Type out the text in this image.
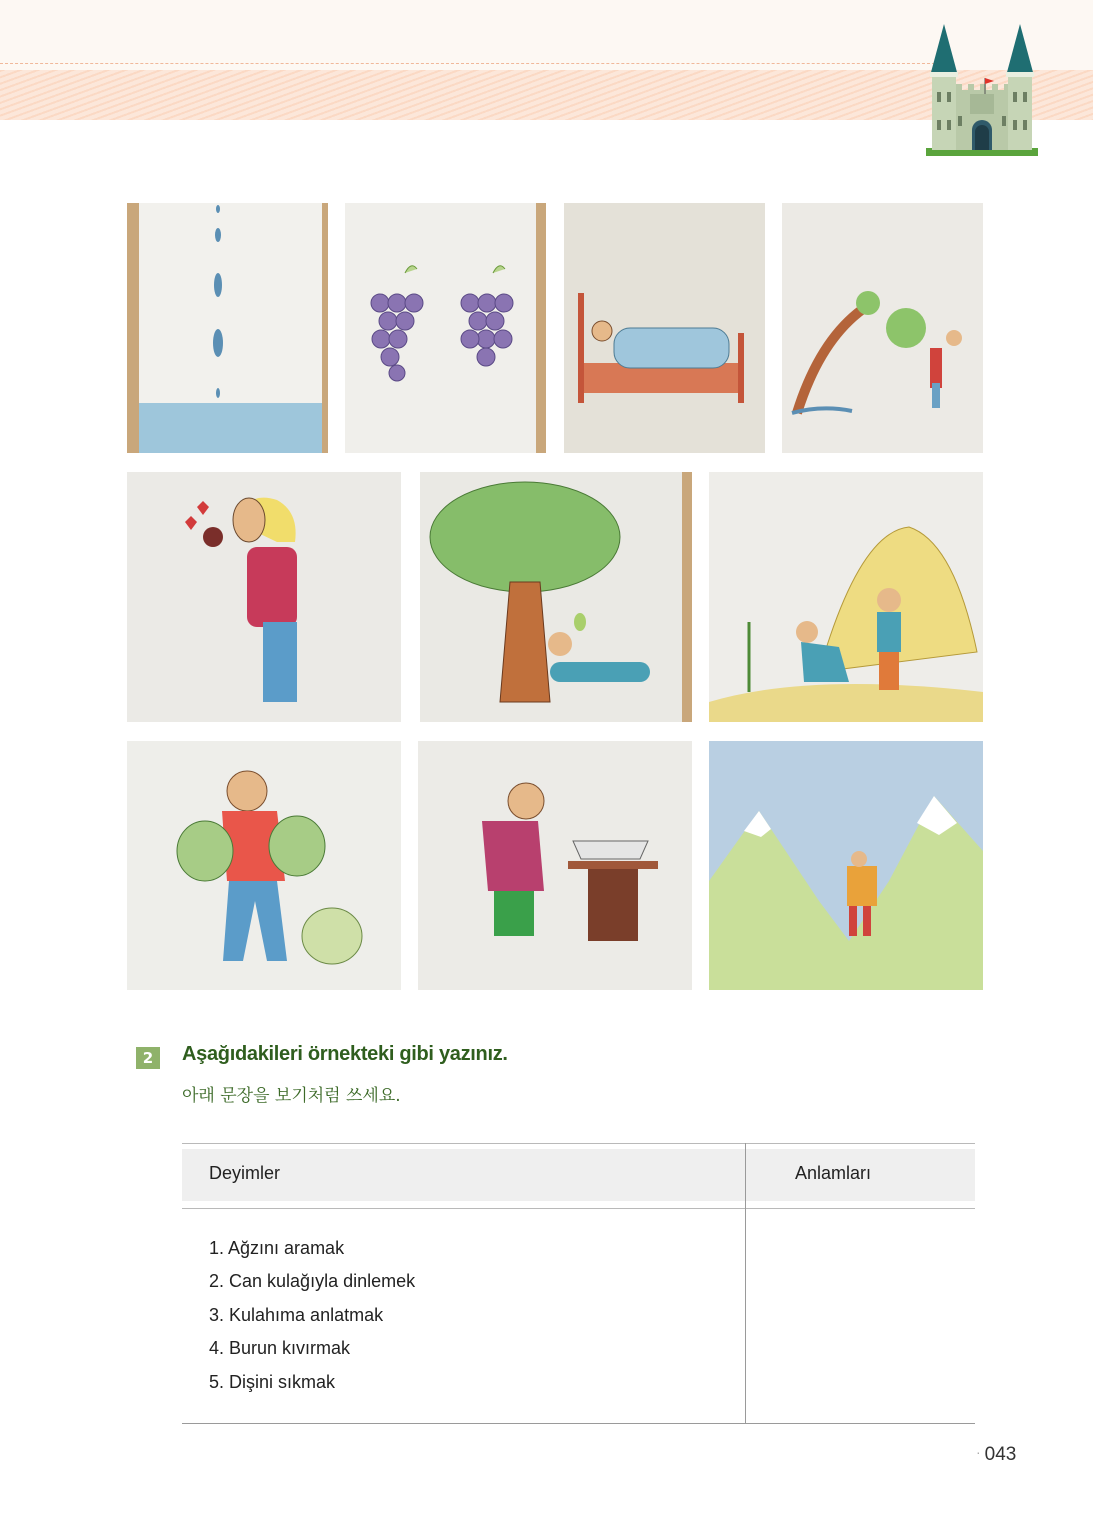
2	Aşağıdakileri örnekteki gibi yazınız.
아래 문장을 보기처럼 쓰세요.
Deyimler	Anlamları
1. Ağzını aramak
2. Can kulağıyla dinlemek
3. Kulahıma anlatmak
4. Burun kıvırmak
5. Dişini sıkmak
· 043
